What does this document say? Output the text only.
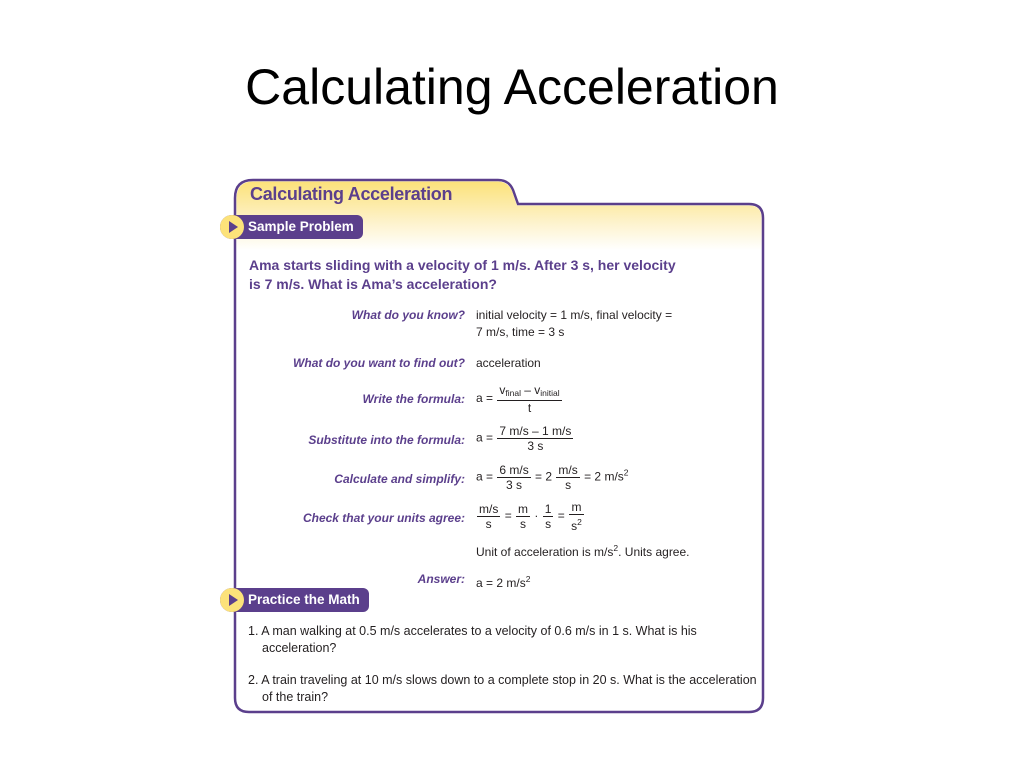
Calculating Acceleration
Calculating Acceleration
Sample Problem
Ama starts sliding with a velocity of 1 m/s. After 3 s, her velocity
is 7 m/s. What is Ama’s acceleration?
What do you know? initial velocity = 1 m/s, final velocity =
7 m/s, time = 3 s
What do you want to find out? acceleration
Write the formula: $a = \frac{v_{final} - v_{initial}}{t}$
Substitute into the formula: $a = \frac{7 m/s - 1 m/s}{3 s}$
Calculate and simplify: $a = \frac{6 m/s}{3 s} = 2 \frac{m/s}{s} = 2$ $m/s^2$
Check that your units agree: $\frac{m/s}{s} = \frac{m}{s} \cdot \frac{1}{s} = \frac{m}{s^2}$
Unit of acceleration is $m/s^2$. Units agree.
Answer: a = 2 $m/s^2$
Practice the Math
1. A man walking at 0.5 m/s accelerates to a velocity of 0.6 m/s in 1 s. What is his acceleration?
2. A train traveling at 10 m/s slows down to a complete stop in 20 s. What is the acceleration of the train?
